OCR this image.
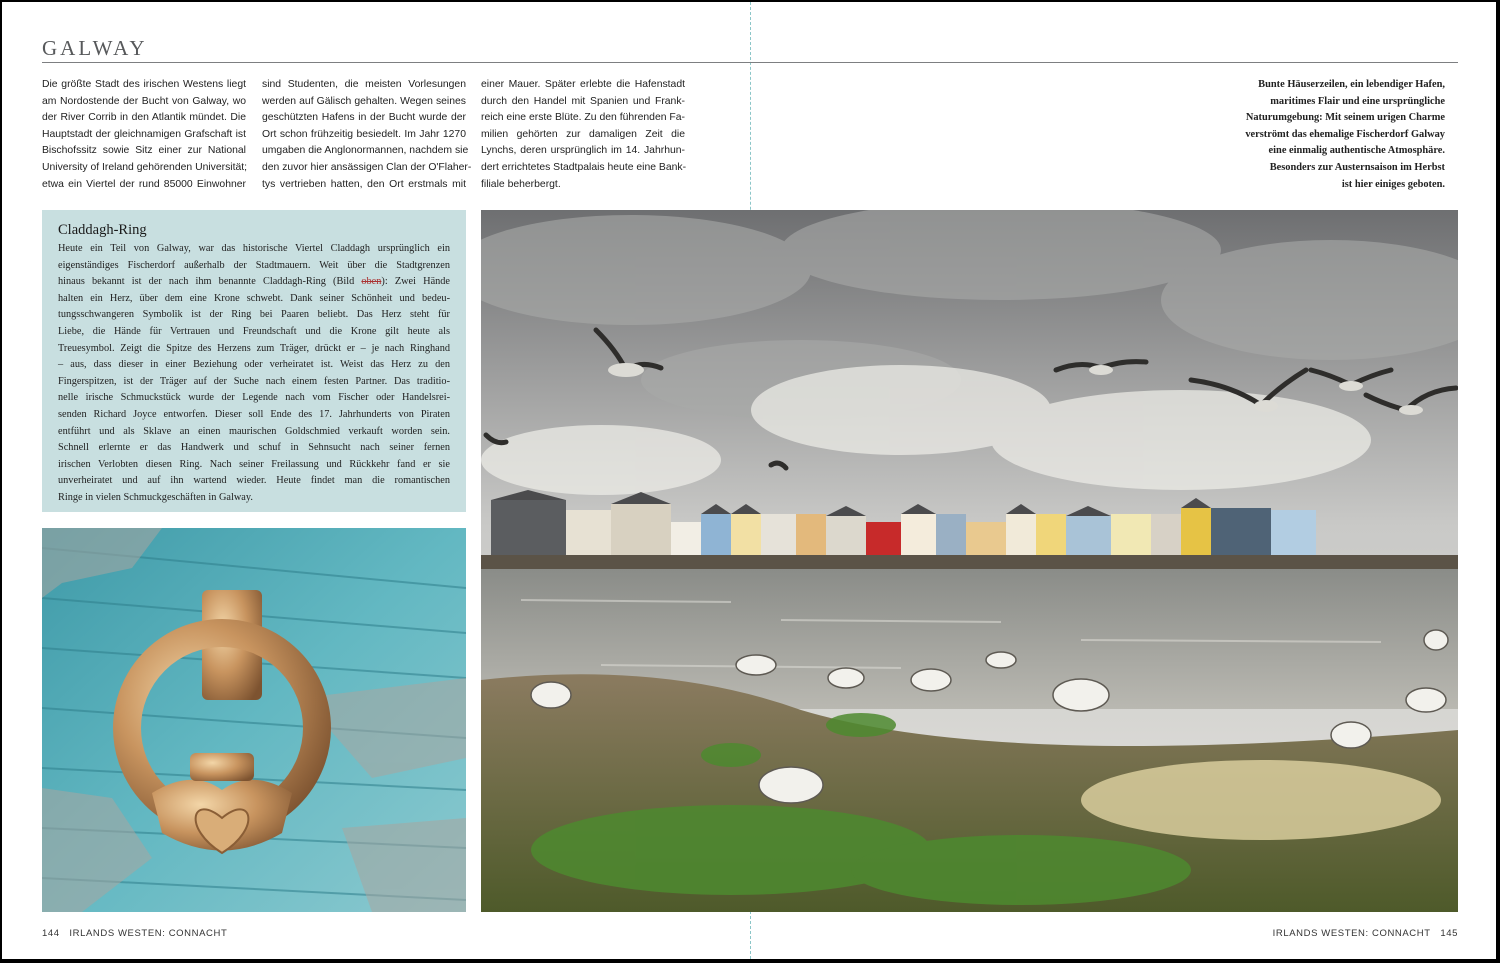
GALWAY
Die größte Stadt des irischen Westens liegt
am Nordostende der Bucht von Galway, wo
der River Corrib in den Atlantik mündet. Die
Hauptstadt der gleichnamigen Grafschaft ist
Bischofssitz sowie Sitz einer zur National
University of Ireland gehörenden Universität;
etwa ein Viertel der rund 85000 Einwohner
sind Studenten, die meisten Vorlesungen
werden auf Gälisch gehalten. Wegen seines
geschützten Hafens in der Bucht wurde der
Ort schon frühzeitig besiedelt. Im Jahr 1270
umgaben die Anglonormannen, nachdem sie
den zuvor hier ansässigen Clan der O'Flaher-
tys vertrieben hatten, den Ort erstmals mit
einer Mauer. Später erlebte die Hafenstadt
durch den Handel mit Spanien und Frank-
reich eine erste Blüte. Zu den führenden Fa-
milien gehörten zur damaligen Zeit die
Lynchs, deren ursprünglich im 14. Jahrhun-
dert errichtetes Stadtpalais heute eine Bank-
filiale beherbergt.
Bunte Häuserzeilen, ein lebendiger Hafen,
maritimes Flair und eine ursprüngliche
Naturumgebung: Mit seinem urigen Charme
verströmt das ehemalige Fischerdorf Galway
eine einmalig authentische Atmosphäre.
Besonders zur Austernsaison im Herbst
ist hier einiges geboten.
Claddagh-Ring
Heute ein Teil von Galway, war das historische Viertel Claddagh ursprünglich ein
eigenständiges Fischerdorf außerhalb der Stadtmauern. Weit über die Stadtgrenzen
hinaus bekannt ist der nach ihm benannte Claddagh-Ring (Bild oben): Zwei Hände
halten ein Herz, über dem eine Krone schwebt. Dank seiner Schönheit und bedeu-
tungsschwangeren Symbolik ist der Ring bei Paaren beliebt. Das Herz steht für
Liebe, die Hände für Vertrauen und Freundschaft und die Krone gilt heute als
Treuesymbol. Zeigt die Spitze des Herzens zum Träger, drückt er – je nach Ringhand
– aus, dass dieser in einer Beziehung oder verheiratet ist. Weist das Herz zu den
Fingerspitzen, ist der Träger auf der Suche nach einem festen Partner. Das traditio-
nelle irische Schmuckstück wurde der Legende nach vom Fischer oder Handelsrei-
senden Richard Joyce entworfen. Dieser soll Ende des 17. Jahrhunderts von Piraten
entführt und als Sklave an einen maurischen Goldschmied verkauft worden sein.
Schnell erlernte er das Handwerk und schuf in Sehnsucht nach seiner fernen
irischen Verlobten diesen Ring. Nach seiner Freilassung und Rückkehr fand er sie
unverheiratet und auf ihn wartend wieder. Heute findet man die romantischen
Ringe in vielen Schmuckgeschäften in Galway.
144 IRLANDS WESTEN: CONNACHT	IRLANDS WESTEN: CONNACHT 145
